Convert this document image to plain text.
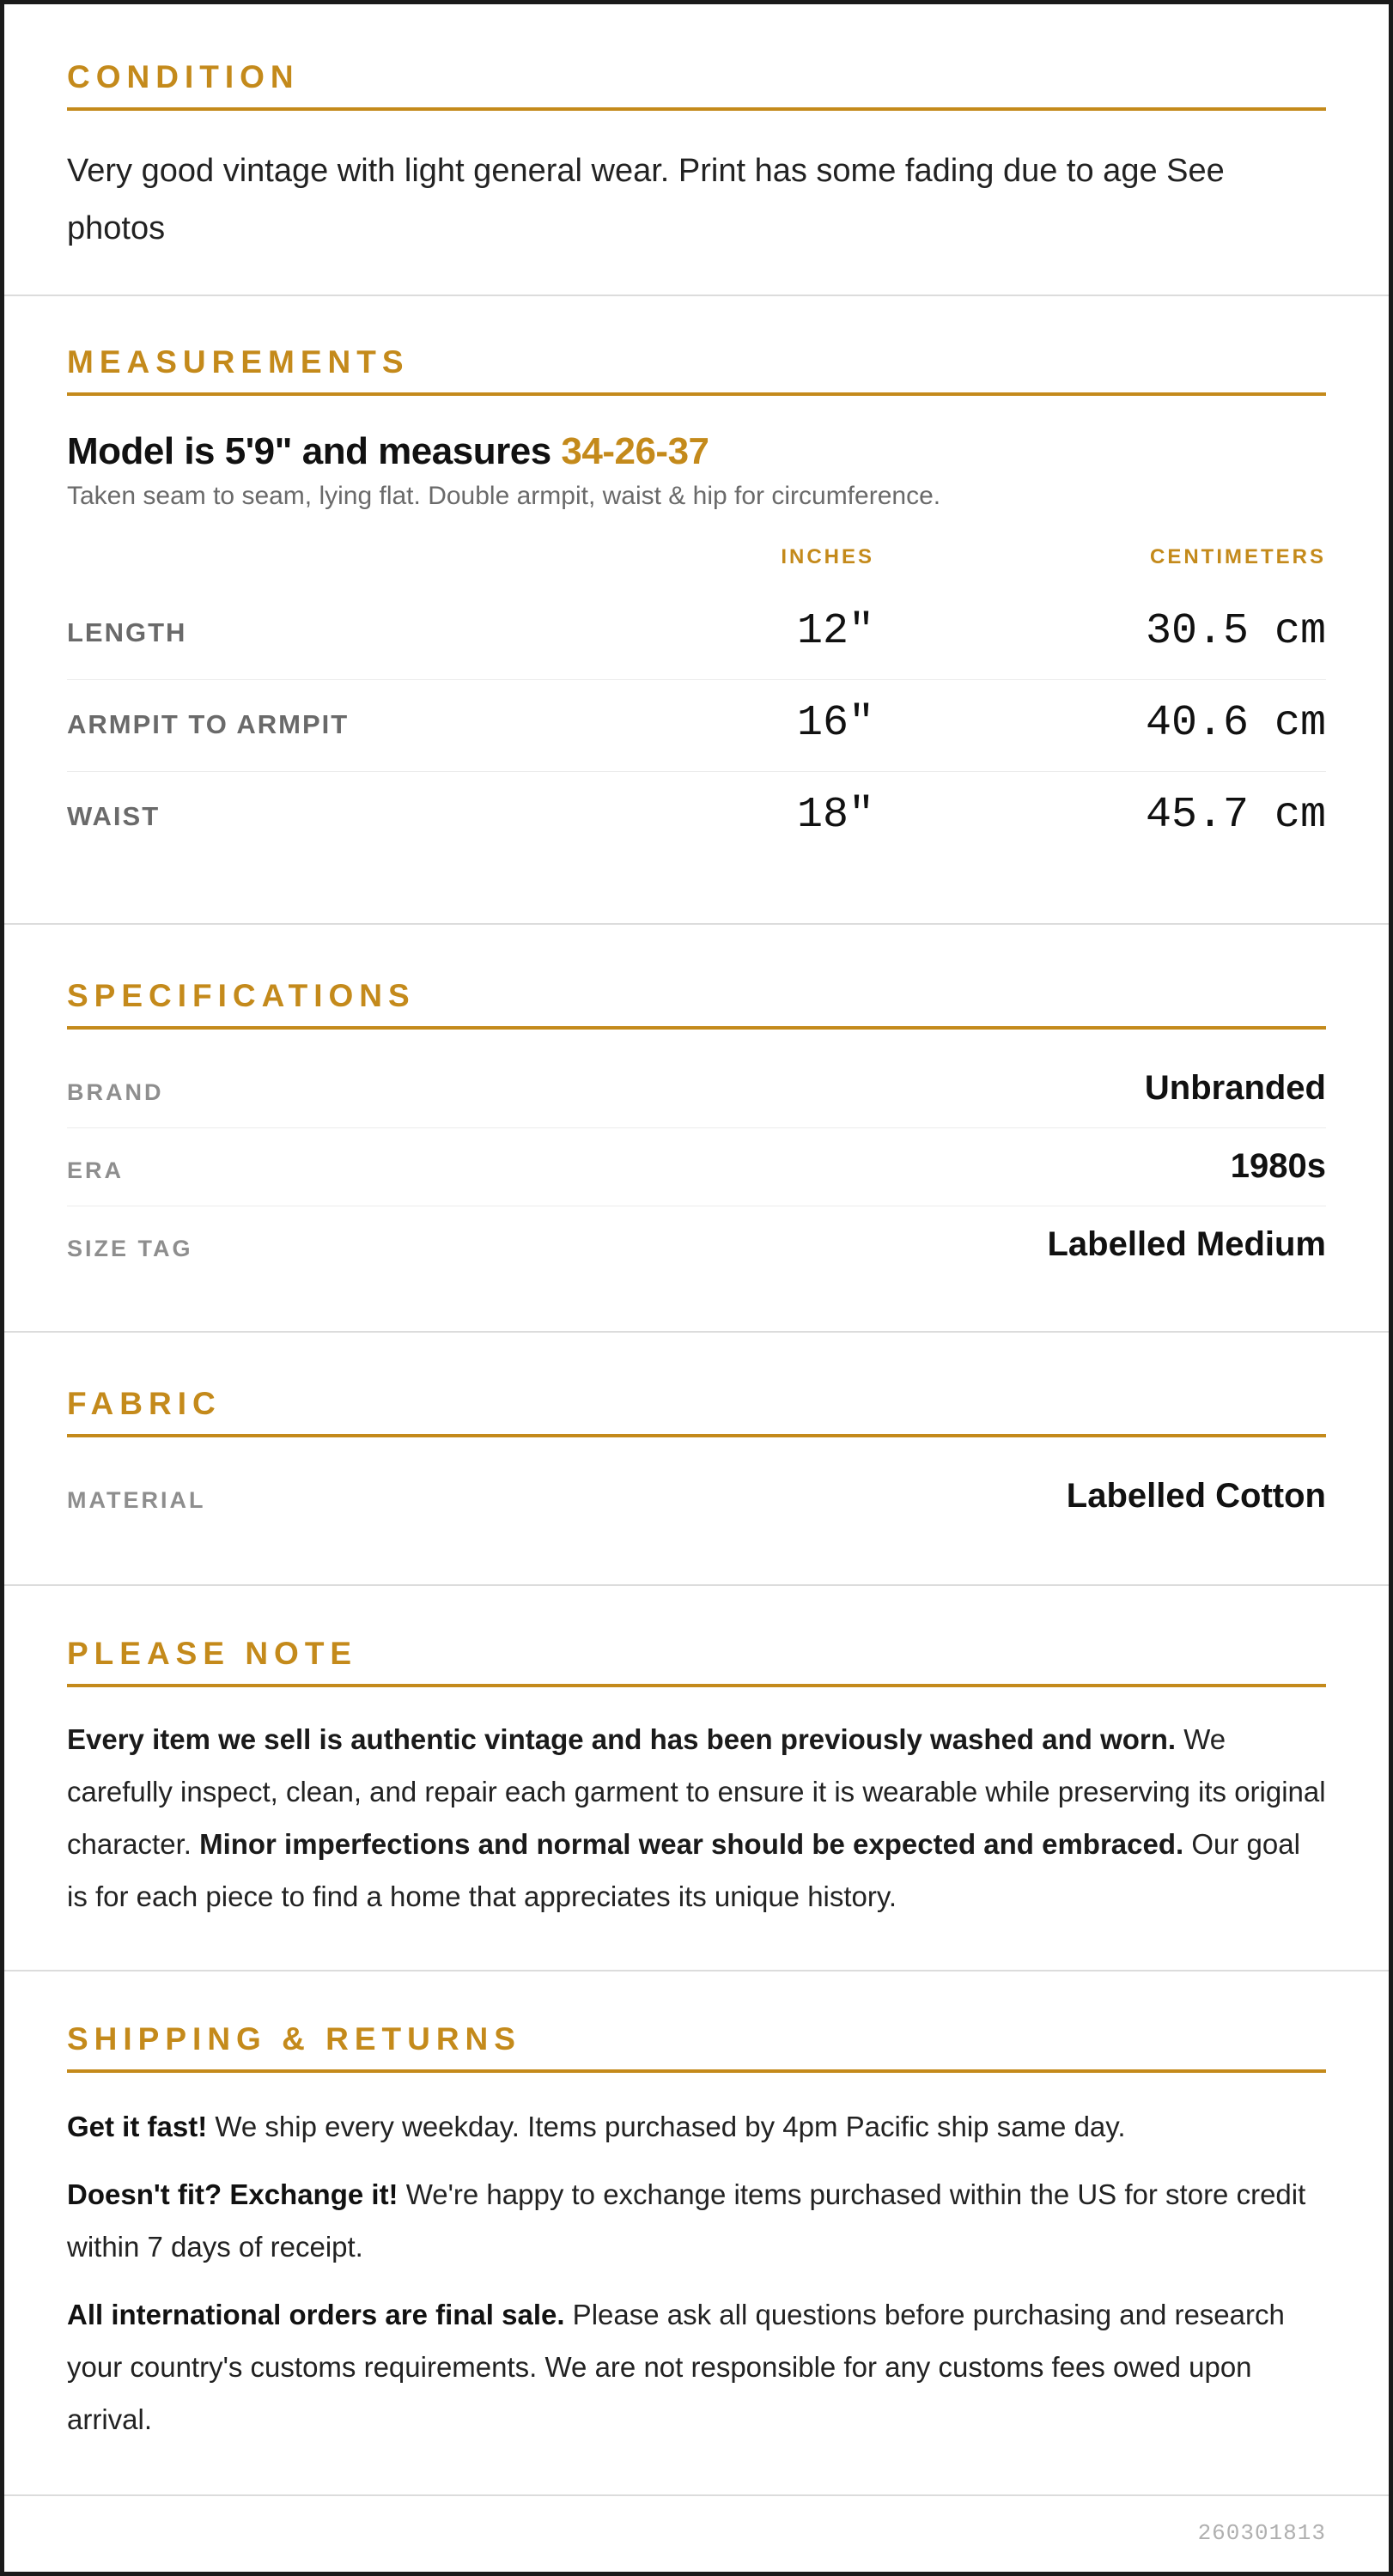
CONDITION

Very good vintage with light general wear. Print has some fading due to age See photos

MEASUREMENTS
Model is 5'9" and measures 34-26-37
Taken seam to seam, lying flat. Double armpit, waist & hip for circumference.
INCHES	CENTIMETERS
LENGTH	12"	30.5 cm
ARMPIT TO ARMPIT	16"	40.6 cm
WAIST	18"	45.7 cm
SPECIFICATIONS
BRAND	Unbranded
ERA	1980s
SIZE TAG	Labelled Medium
FABRIC
MATERIAL	Labelled Cotton
PLEASE NOTE

Every item we sell is authentic vintage and has been previously washed and worn. We carefully inspect, clean, and repair each garment to ensure it is wearable while preserving its original character. Minor imperfections and normal wear should be expected and embraced. Our goal is for each piece to find a home that appreciates its unique history.

SHIPPING & RETURNS

Get it fast! We ship every weekday. Items purchased by 4pm Pacific ship same day.

Doesn't fit? Exchange it! We're happy to exchange items purchased within the US for store credit within 7 days of receipt.

All international orders are final sale. Please ask all questions before purchasing and research your country's customs requirements. We are not responsible for any customs fees owed upon arrival.

260301813
